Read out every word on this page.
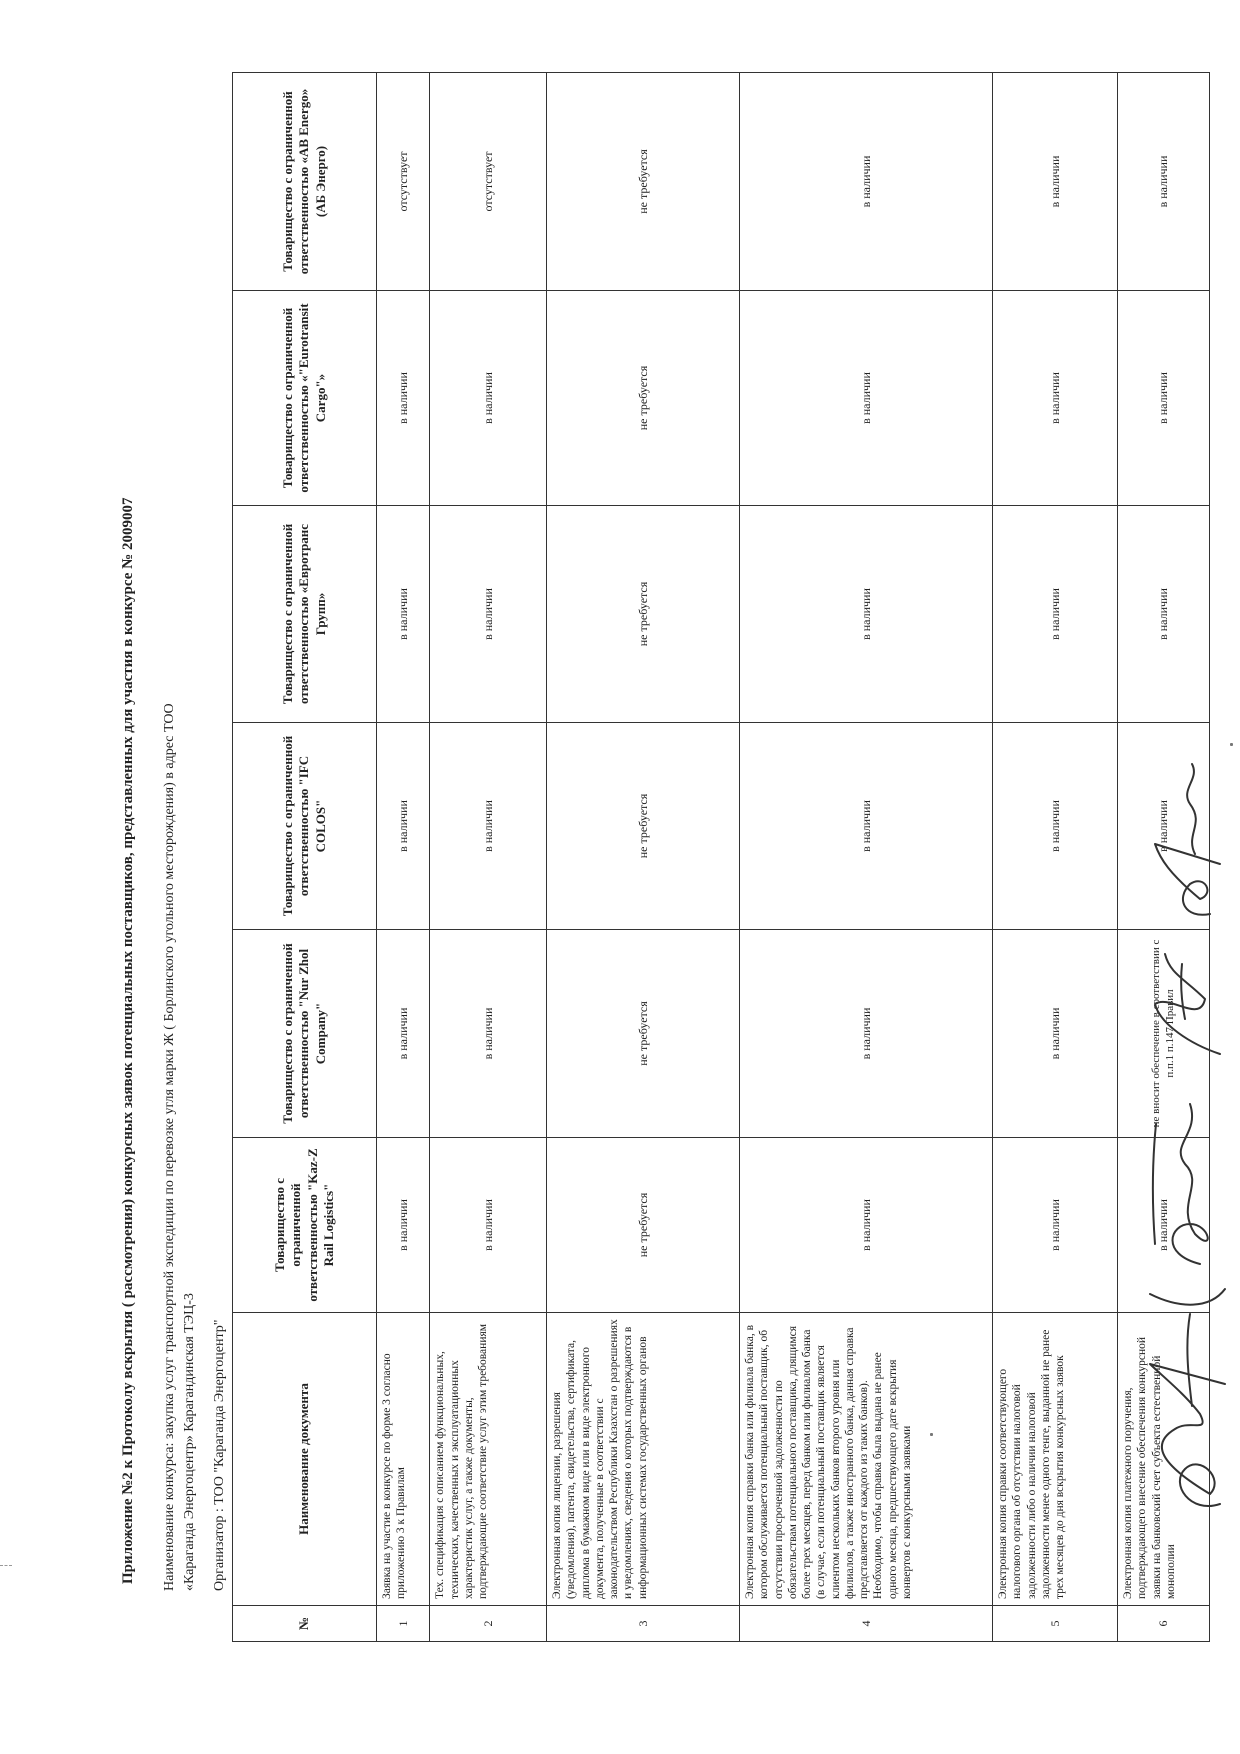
Приложение №2 к Протоколу вскрытия ( рассмотрения) конкурсных заявок потенциальных поставщиков, представленных для участия в конкурсе № 2009007 Наименование конкурса: закупка услуг транспортной экспедиции по перевозке угля марки Ж ( Борлинского угольного месторождения) в адрес ТОО «Караганда Энергоцентр» Карагандинская ТЭЦ-3 Организатор : ТОО "Караганда Энергоцентр"
№	Наименование документа	Товарищество с ограниченной ответственностью "Kaz-Z Rail Logistics"	Товарищество с ограниченной ответственностью "Nur Zhol Company"	Товарищество с ограниченной ответственностью "IFC COLOS"	Товарищество с ограниченной ответственностью «Евротранс Групп»	Товарищество с ограниченной ответственностью «"Eurotransit Cargo"»	Товарищество с ограниченной ответственностью «АВ Energo» (АБ Энерго)
1	Заявка на участие в конкурсе по форме 3 согласно приложению 3 к Правилам	в наличии	в наличии	в наличии	в наличии	в наличии	отсутствует
2	Тех. спецификация с описанием функциональных, технических, качественных и эксплуатационных характеристик услуг, а также документы, подтверждающие соответствие услуг этим требованиям	в наличии	в наличии	в наличии	в наличии	в наличии	отсутствует
3	Электронная копия лицензии, разрешения (уведомления), патента, свидетельства, сертификата, диплома в бумажном виде или в виде электронного документа, полученные в соответствии с законодательством Республики Казахстан о разрешениях и уведомлениях, сведения о которых подтверждаются в информационных системах государственных органов	не требуется	не требуется	не требуется	не требуется	не требуется	не требуется
4	Электронная копия справки банка или филиала банка, в котором обслуживается потенциальный поставщик, об отсутствии просроченной задолженности по обязательствам потенциального поставщика, длящимся более трех месяцев, перед банком или филиалом банка (в случае, если потенциальный поставщик является клиентом нескольких банков второго уровня или филиалов, а также иностранного банка, данная справка представляется от каждого из таких банков). Необходимо, чтобы справка была выдана не ранее одного месяца, предшествующего дате вскрытия конвертов с конкурсными заявками	в наличии	в наличии	в наличии	в наличии	в наличии	в наличии
5	Электронная копия справки соответствующего налогового органа об отсутствии налоговой задолженности либо о наличии налоговой задолженности менее одного тенге, выданной не ранее трех месяцев до дня вскрытия конкурсных заявок	в наличии	в наличии	в наличии	в наличии	в наличии	в наличии
6	Электронная копия платежного поручения, подтверждающего внесение обеспечения конкурсной заявки на банковский счет субъекта естественной монополии	в наличии	не вносит обеспечение в соответствии с п.п.1 п.147 Правил	в наличии	в наличии	в наличии	в наличии
